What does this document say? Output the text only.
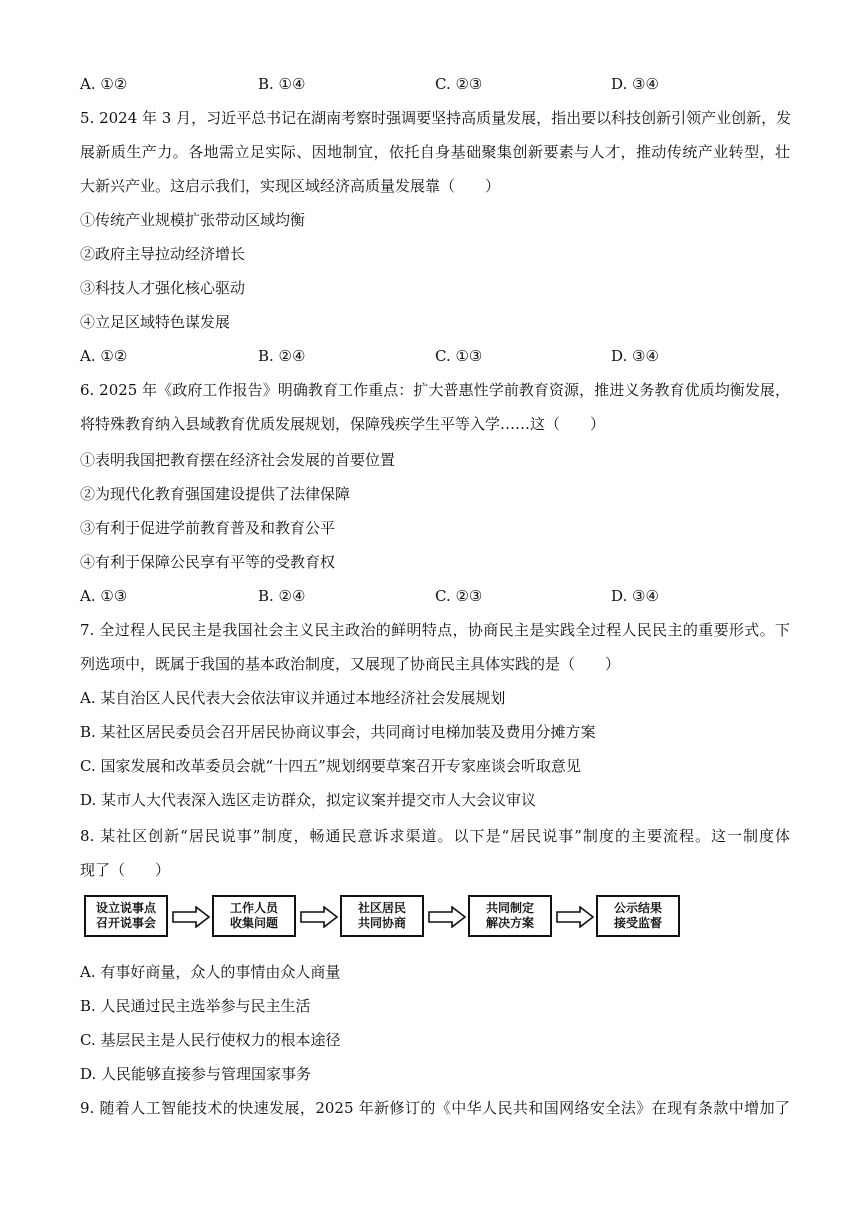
A. ①②	B. ①④	C. ②③	D. ③④
5. 2024 年 3 月，习近平总书记在湖南考察时强调要坚持高质量发展，指出要以科技创新引领产业创新，发
展新质生产力。各地需立足实际、因地制宜，依托自身基础聚集创新要素与人才，推动传统产业转型，壮
大新兴产业。这启示我们，实现区域经济高质量发展靠（　　）
①传统产业规模扩张带动区域均衡
②政府主导拉动经济增长
③科技人才强化核心驱动
④立足区域特色谋发展
A. ①②	B. ②④	C. ①③	D. ③④
6. 2025 年《政府工作报告》明确教育工作重点：扩大普惠性学前教育资源，推进义务教育优质均衡发展，
将特殊教育纳入县域教育优质发展规划，保障残疾学生平等入学……这（　　）
①表明我国把教育摆在经济社会发展的首要位置
②为现代化教育强国建设提供了法律保障
③有利于促进学前教育普及和教育公平
④有利于保障公民享有平等的受教育权
A. ①③	B. ②④	C. ②③	D. ③④
7. 全过程人民民主是我国社会主义民主政治的鲜明特点，协商民主是实践全过程人民民主的重要形式。下
列选项中，既属于我国的基本政治制度，又展现了协商民主具体实践的是（　　）
A. 某自治区人民代表大会依法审议并通过本地经济社会发展规划
B. 某社区居民委员会召开居民协商议事会，共同商讨电梯加装及费用分摊方案
C. 国家发展和改革委员会就“十四五”规划纲要草案召开专家座谈会听取意见
D. 某市人大代表深入选区走访群众，拟定议案并提交市人大会议审议
8. 某社区创新“居民说事”制度，畅通民意诉求渠道。以下是“居民说事”制度的主要流程。这一制度体
现了（　　）
设立说事点
召开说事会
工作人员
收集问题
社区居民
共同协商
共同制定
解决方案
公示结果
接受监督
A. 有事好商量，众人的事情由众人商量
B. 人民通过民主选举参与民主生活
C. 基层民主是人民行使权力的根本途径
D. 人民能够直接参与管理国家事务
9. 随着人工智能技术的快速发展，2025 年新修订的《中华人民共和国网络安全法》在现有条款中增加了
